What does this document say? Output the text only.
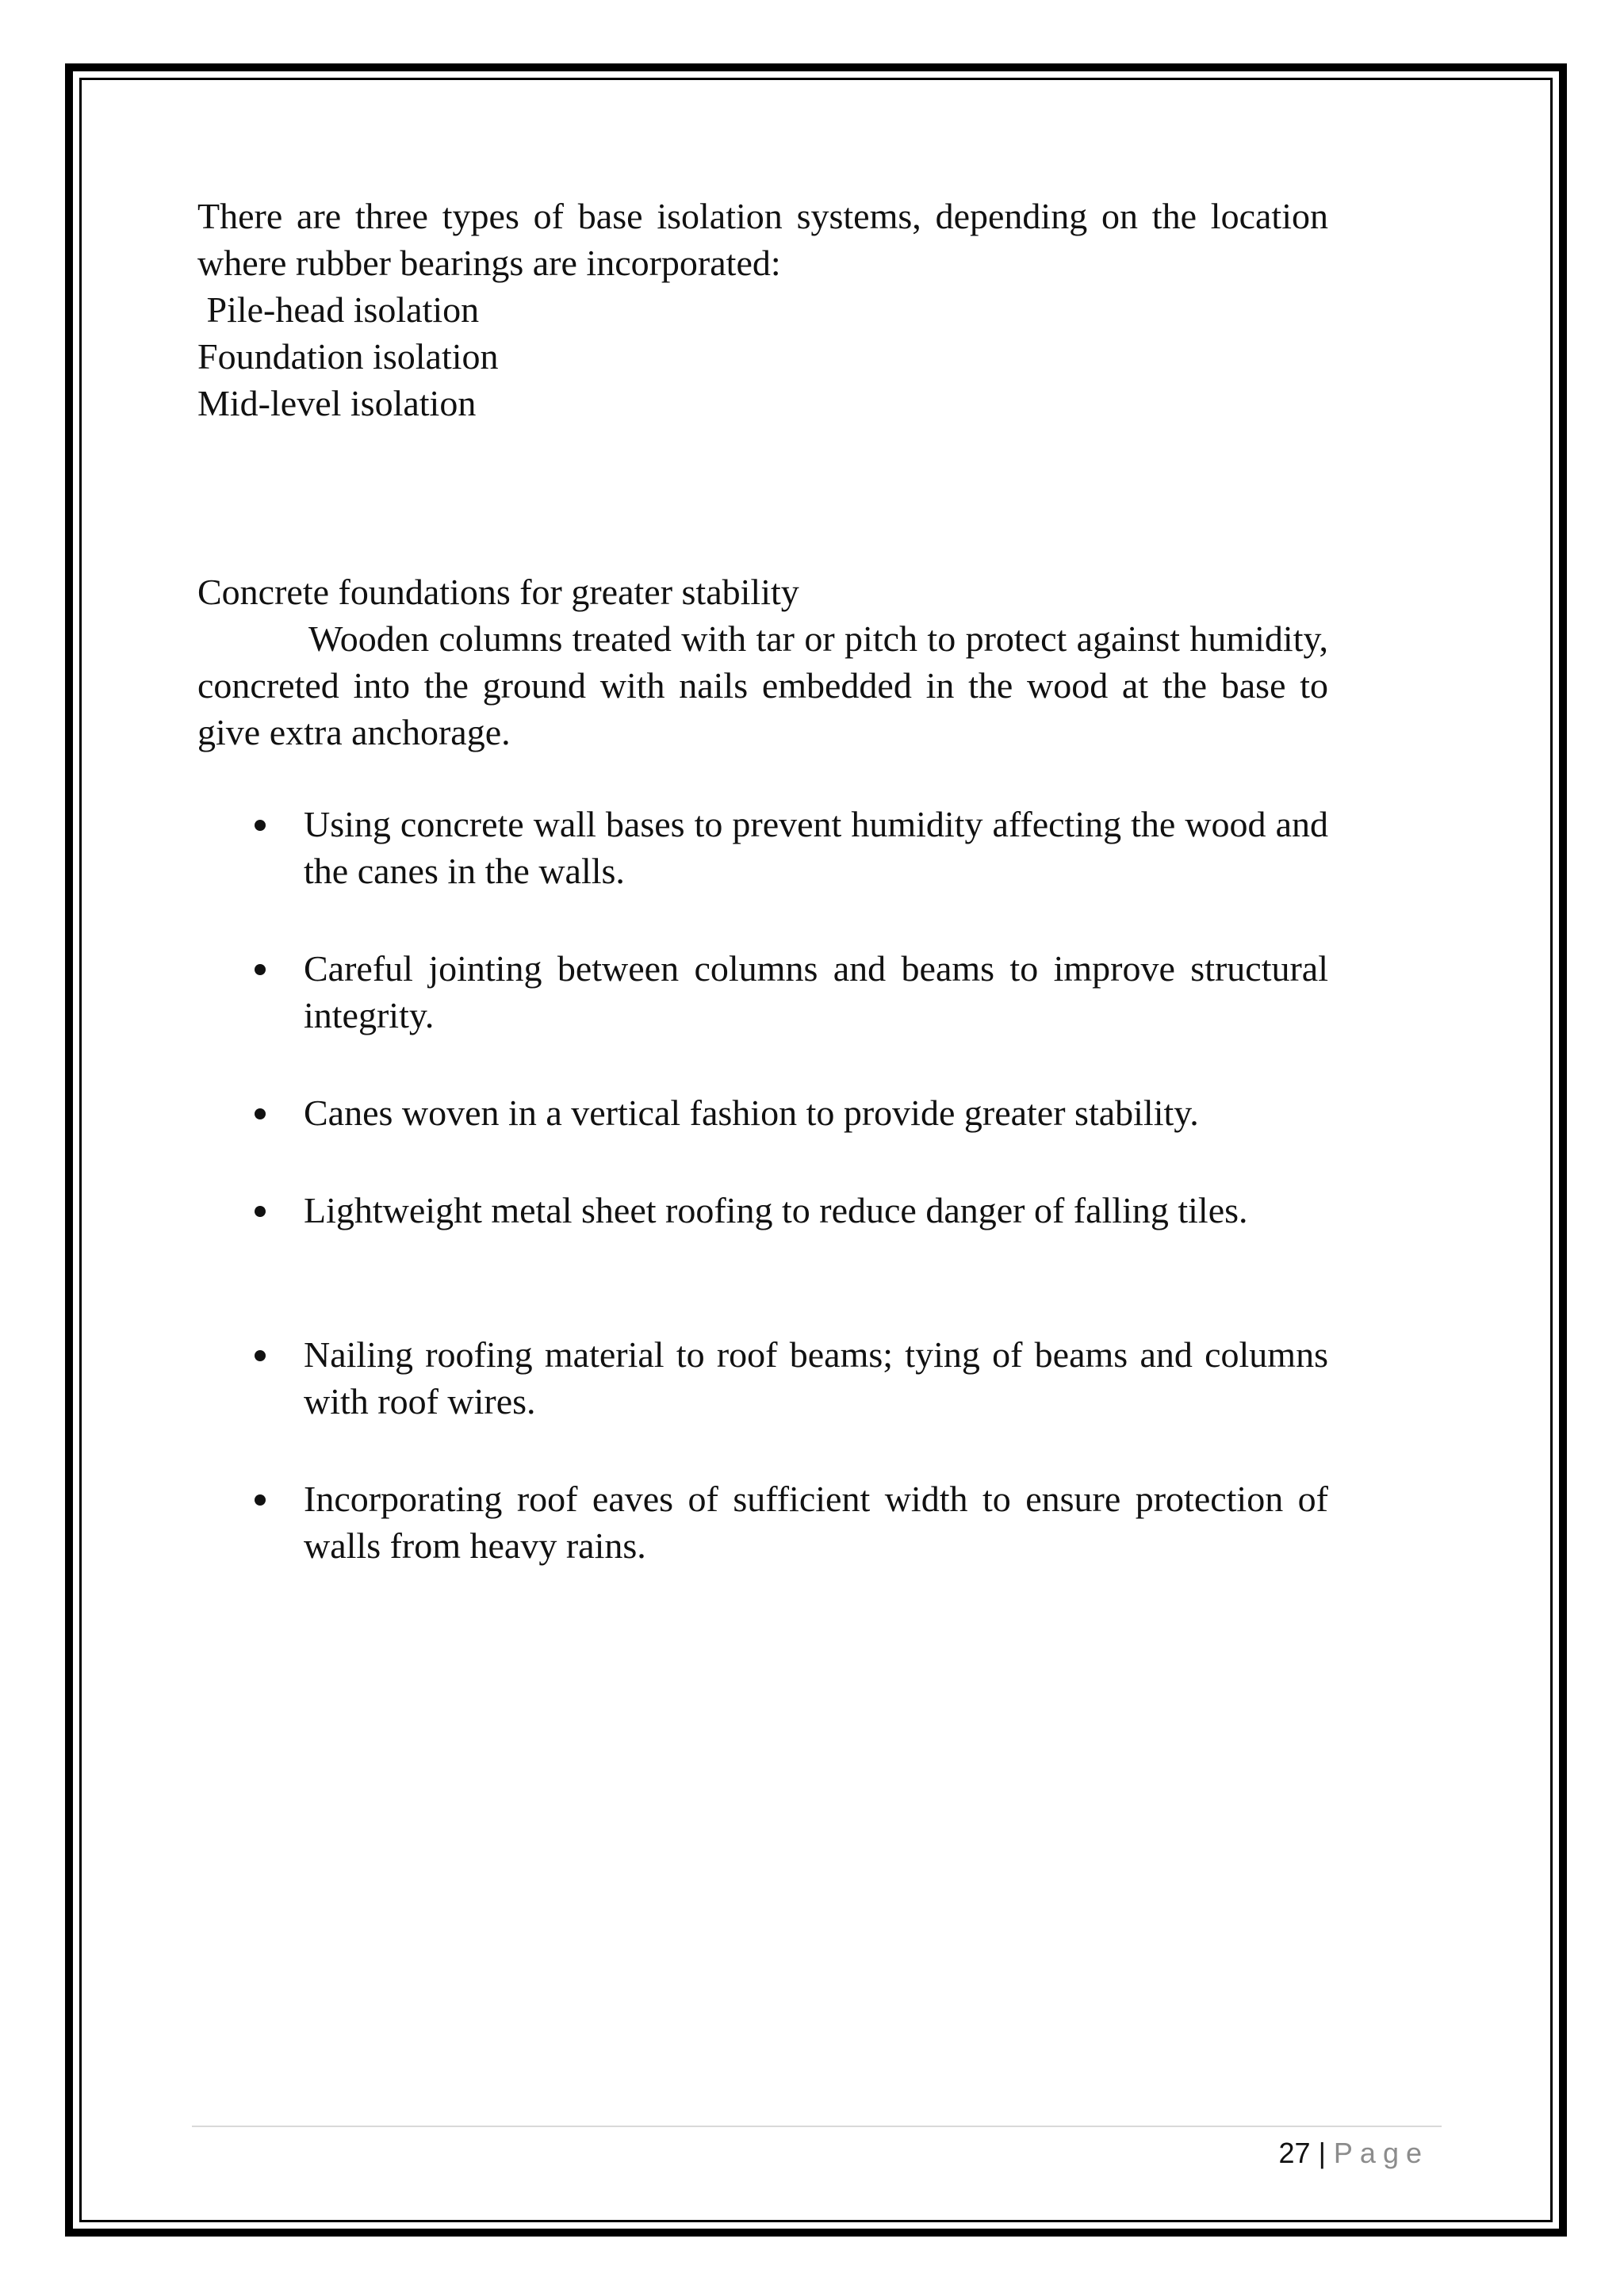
There are three types of base isolation systems, depending on the location where rubber bearings are incorporated:

Pile-head isolation

Foundation isolation

Mid-level isolation

Concrete foundations for greater stability

Wooden columns treated with tar or pitch to protect against humidity, concreted into the ground with nails embedded in the wood at the base to give extra anchorage.

Using concrete wall bases to prevent humidity affecting the wood and the canes in the walls.
Careful jointing between columns and beams to improve structural integrity.
Canes woven in a vertical fashion to provide greater stability.
Lightweight metal sheet roofing to reduce danger of falling tiles.
Nailing roofing material to roof beams; tying of beams and columns with roof wires.
Incorporating roof eaves of sufficient width to ensure protection of walls from heavy rains.
27 | Page
